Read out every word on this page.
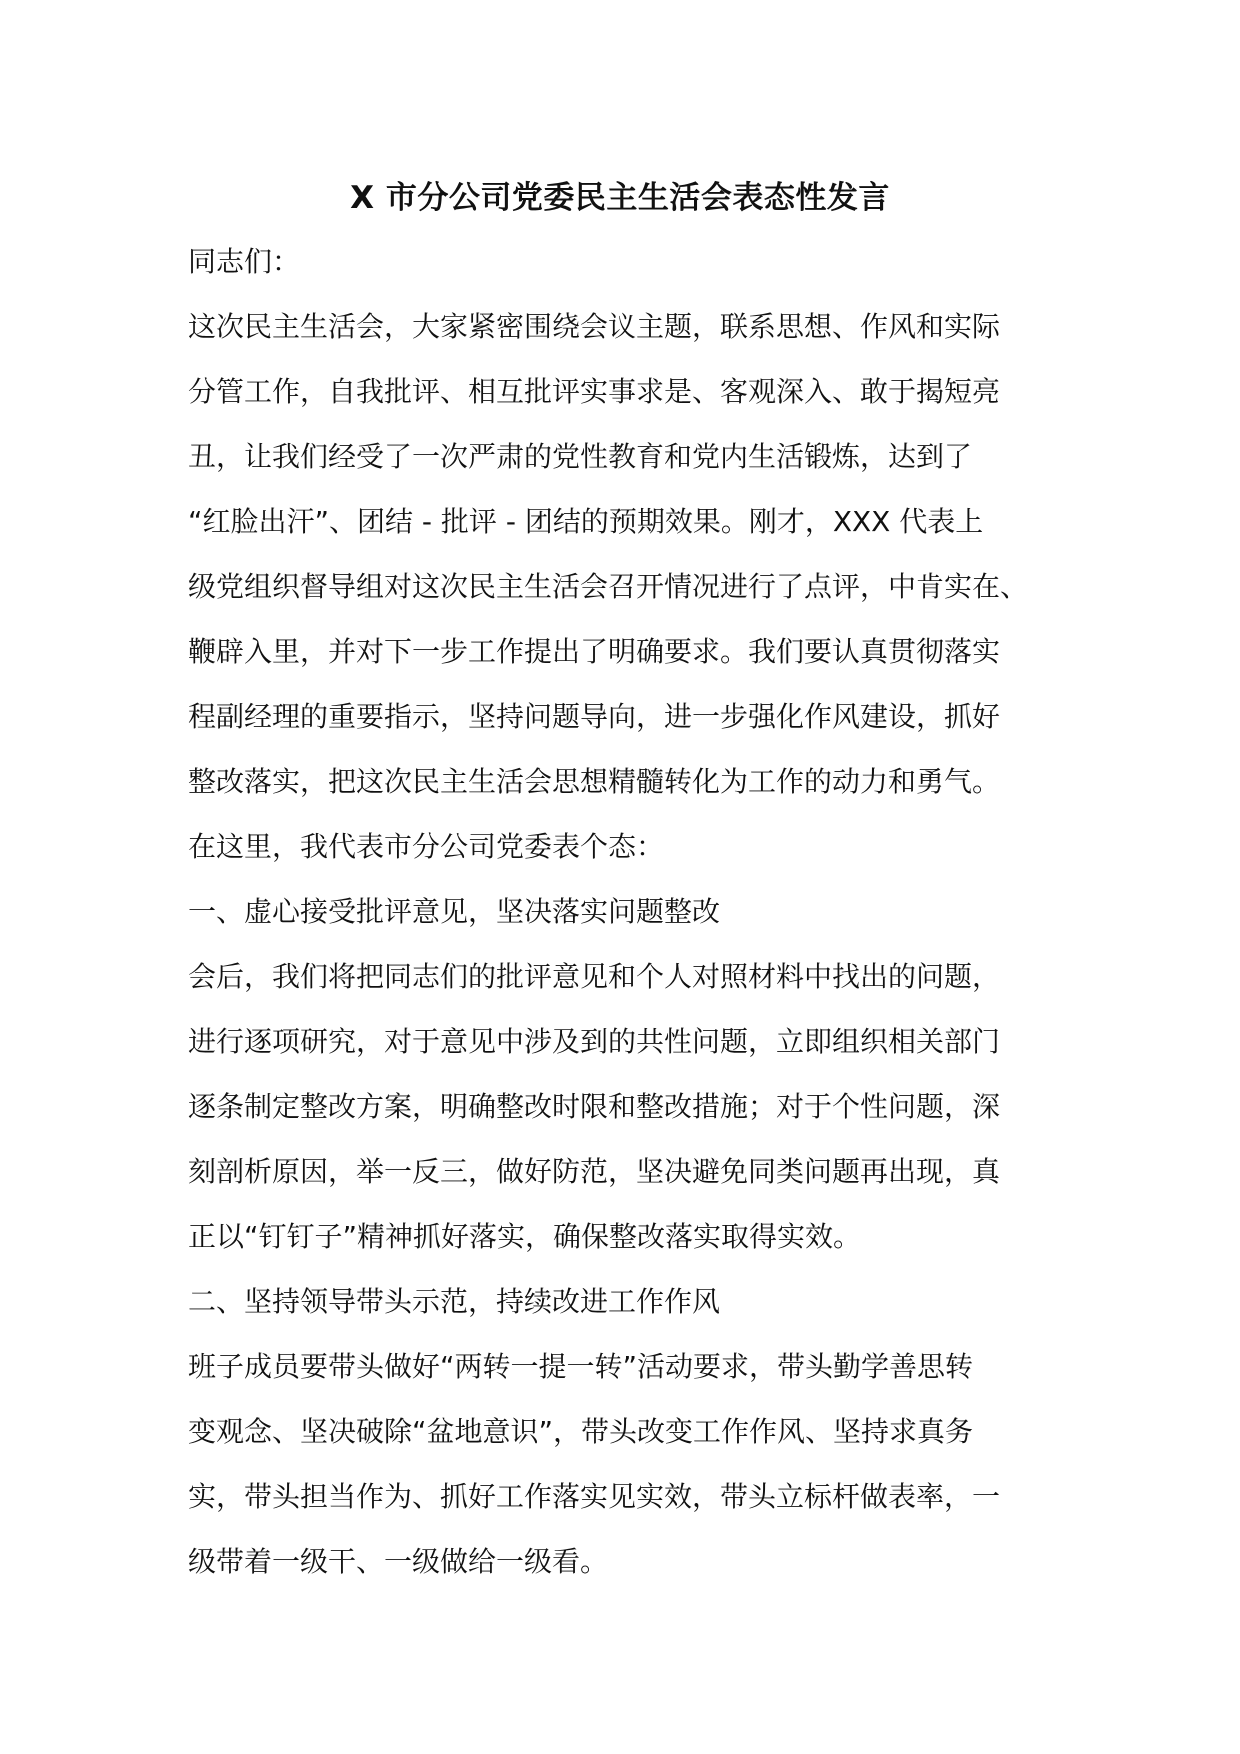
X 市分公司党委民主生活会表态性发言
同志们：
这次民主生活会，大家紧密围绕会议主题，联系思想、作风和实际
分管工作，自我批评、相互批评实事求是、客观深入、敢于揭短亮
丑，让我们经受了一次严肃的党性教育和党内生活锻炼，达到了
“红脸出汗”、团结 - 批评 - 团结的预期效果。刚才，XXX 代表上
级党组织督导组对这次民主生活会召开情况进行了点评，中肯实在、
鞭辟入里，并对下一步工作提出了明确要求。我们要认真贯彻落实
程副经理的重要指示，坚持问题导向，进一步强化作风建设，抓好
整改落实，把这次民主生活会思想精髓转化为工作的动力和勇气。
在这里，我代表市分公司党委表个态：
一、虚心接受批评意见，坚决落实问题整改
会后，我们将把同志们的批评意见和个人对照材料中找出的问题，
进行逐项研究，对于意见中涉及到的共性问题，立即组织相关部门
逐条制定整改方案，明确整改时限和整改措施；对于个性问题，深
刻剖析原因，举一反三，做好防范，坚决避免同类问题再出现，真
正以“钉钉子”精神抓好落实，确保整改落实取得实效。
二、坚持领导带头示范，持续改进工作作风
班子成员要带头做好“两转一提一转”活动要求，带头勤学善思转
变观念、坚决破除“盆地意识”，带头改变工作作风、坚持求真务
实，带头担当作为、抓好工作落实见实效，带头立标杆做表率，一
级带着一级干、一级做给一级看。
